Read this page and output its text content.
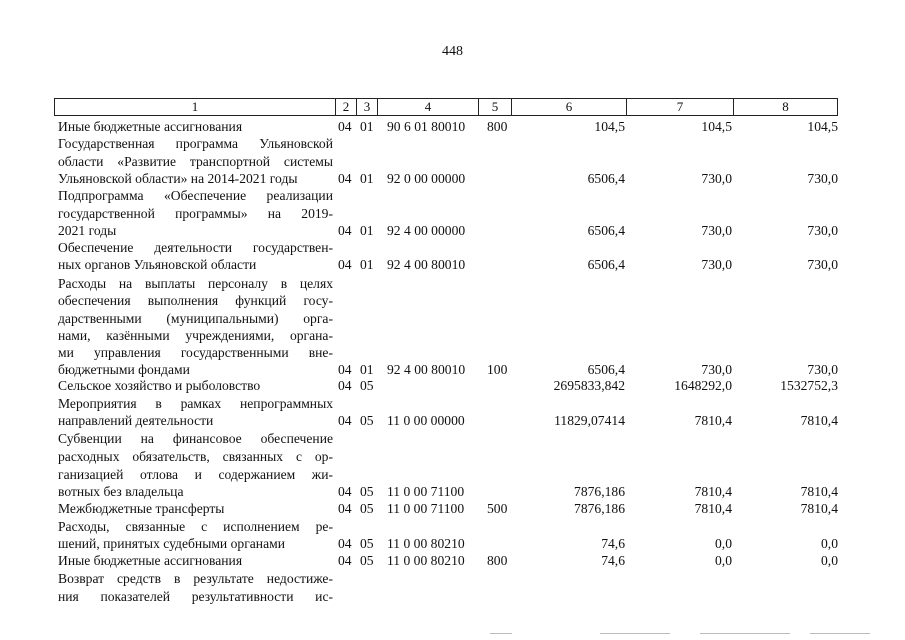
448
1	2	3	4	5	6	7	8
Иные бюджетные ассигнования	04 01 90 6 01 80010 800	104,5	104,5	104,5
Государственная программа Ульяновской
области «Развитие транспортной системы
Ульяновской области» на 2014-2021 годы	04 01 92 0 00 00000	6506,4	730,0	730,0
Подпрограмма «Обеспечение реализации
государственной программы» на 2019-
2021 годы	04 01 92 4 00 00000	6506,4	730,0	730,0
Обеспечение деятельности государствен-
ных органов Ульяновской области	04 01 92 4 00 80010	6506,4	730,0	730,0
Расходы на выплаты персоналу в целях
обеспечения выполнения функций госу-
дарственными (муниципальными) орга-
нами, казёнными учреждениями, органа-
ми управления государственными вне-
бюджетными фондами	04 01 92 4 00 80010 100	6506,4	730,0	730,0
Сельское хозяйство и рыболовство	04 05	2695833,842	1648292,0	1532752,3
Мероприятия в рамках непрограммных
направлений деятельности	04 05 11 0 00 00000	11829,07414	7810,4	7810,4
Субвенции на финансовое обеспечение
расходных обязательств, связанных с ор-
ганизацией отлова и содержанием жи-
вотных без владельца	04 05 11 0 00 71100	7876,186	7810,4	7810,4
Межбюджетные трансферты	04 05 11 0 00 71100 500	7876,186	7810,4	7810,4
Расходы, связанные с исполнением ре-
шений, принятых судебными органами	04 05 11 0 00 80210	74,6	0,0	0,0
Иные бюджетные ассигнования	04 05 11 0 00 80210 800	74,6	0,0	0,0
Возврат средств в результате недостиже-
ния показателей результативности ис-
